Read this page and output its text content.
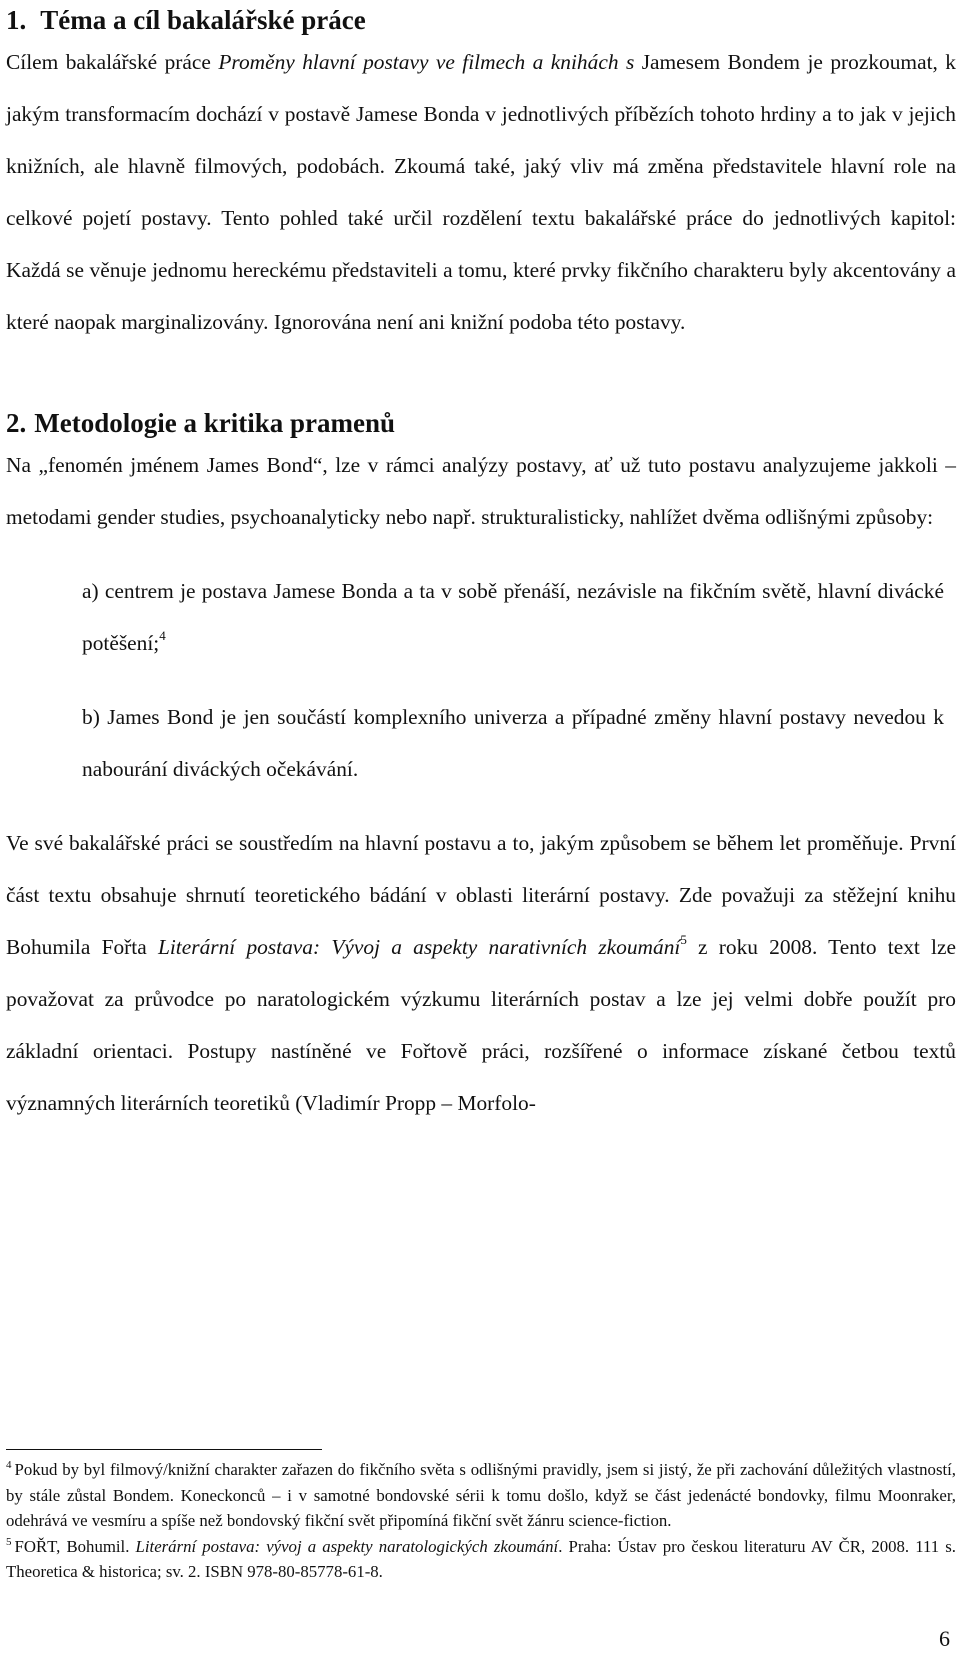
1. Téma a cíl bakalářské práce

Cílem bakalářské práce Proměny hlavní postavy ve filmech a knihách s Jamesem Bondem je prozkoumat, k jakým transformacím dochází v postavě Jamese Bonda v jednotlivých příbězích tohoto hrdiny a to jak v jejich knižních, ale hlavně filmových, podobách. Zkoumá také, jaký vliv má změna představitele hlavní role na celkové pojetí postavy. Tento pohled také určil rozdělení textu bakalářské práce do jednotlivých kapitol: Každá se věnuje jednomu hereckému představiteli a tomu, které prvky fikčního charakteru byly akcentovány a které naopak marginalizovány. Ignorována není ani knižní podoba této postavy.

2. Metodologie a kritika pramenů

Na „fenomén jménem James Bond“, lze v rámci analýzy postavy, ať už tuto postavu analyzujeme jakkoli – metodami gender studies, psychoanalyticky nebo např. strukturalisticky, nahlížet dvěma odlišnými způsoby:

a) centrem je postava Jamese Bonda a ta v sobě přenáší, nezávisle na fikčním světě, hlavní divácké potěšení;$^4$

b) James Bond je jen součástí komplexního univerza a případné změny hlavní postavy nevedou k nabourání diváckých očekávání.

Ve své bakalářské práci se soustředím na hlavní postavu a to, jakým způsobem se během let proměňuje. První část textu obsahuje shrnutí teoretického bádání v oblasti literární postavy. Zde považuji za stěžejní knihu Bohumila Fořta Literární postava: Vývoj a aspekty narativních zkoumání$^5$ z roku 2008. Tento text lze považovat za průvodce po naratologickém výzkumu literárních postav a lze jej velmi dobře použít pro základní orientaci. Postupy nastíněné ve Fořtově práci, rozšířené o informace získané četbou textů významných literárních teoretiků (Vladimír Propp – Morfolo-

$^4$ Pokud by byl filmový/knižní charakter zařazen do fikčního světa s odlišnými pravidly, jsem si jistý, že při zachování důležitých vlastností, by stále zůstal Bondem. Koneckonců – i v samotné bondovské sérii k tomu došlo, když se část jedenácté bondovky, filmu Moonraker, odehrává ve vesmíru a spíše než bondovský fikční svět připomíná fikční svět žánru science-fiction.

$^5$ FOŘT, Bohumil. Literární postava: vývoj a aspekty naratologických zkoumání. Praha: Ústav pro českou literaturu AV ČR, 2008. 111 s. Theoretica & historica; sv. 2. ISBN 978-80-85778-61-8.

6
